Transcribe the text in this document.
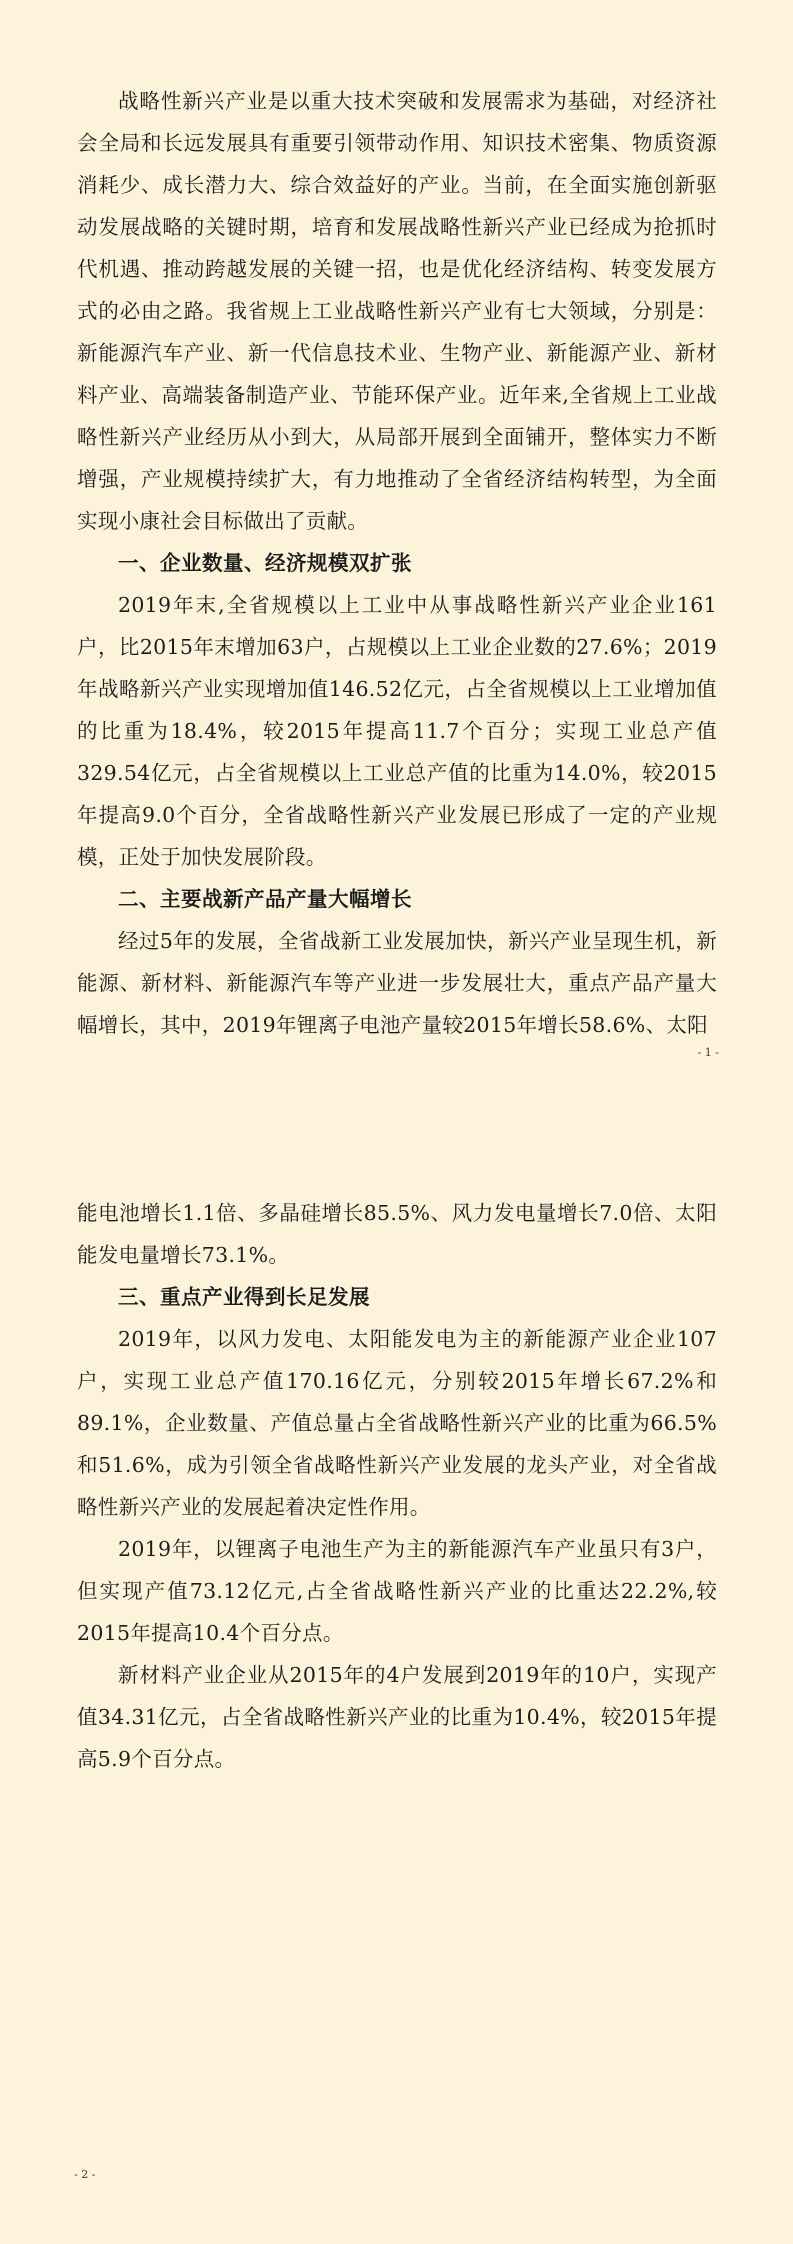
战略性新兴产业是以重大技术突破和发展需求为基础，对经济社会全局和长远发展具有重要引领带动作用、知识技术密集、物质资源消耗少、成长潜力大、综合效益好的产业。当前，在全面实施创新驱动发展战略的关键时期，培育和发展战略性新兴产业已经成为抢抓时代机遇、推动跨越发展的关键一招，也是优化经济结构、转变发展方式的必由之路。我省规上工业战略性新兴产业有七大领域，分别是：新能源汽车产业、新一代信息技术业、生物产业、新能源产业、新材料产业、高端装备制造产业、节能环保产业。近年来,全省规上工业战略性新兴产业经历从小到大，从局部开展到全面铺开，整体实力不断增强，产业规模持续扩大，有力地推动了全省经济结构转型，为全面实现小康社会目标做出了贡献。

一、企业数量、经济规模双扩张

2019年末,全省规模以上工业中从事战略性新兴产业企业161户，比2015年末增加63户，占规模以上工业企业数的27.6%；2019年战略新兴产业实现增加值146.52亿元，占全省规模以上工业增加值的比重为18.4%，较2015年提高11.7个百分；实现工业总产值329.54亿元，占全省规模以上工业总产值的比重为14.0%，较2015年提高9.0个百分，全省战略性新兴产业发展已形成了一定的产业规模，正处于加快发展阶段。

二、主要战新产品产量大幅增长

经过5年的发展，全省战新工业发展加快，新兴产业呈现生机，新能源、新材料、新能源汽车等产业进一步发展壮大，重点产品产量大幅增长，其中，2019年锂离子电池产量较2015年增长58.6%、太阳

- 1 -

能电池增长1.1倍、多晶硅增长85.5%、风力发电量增长7.0倍、太阳能发电量增长73.1%。

三、重点产业得到长足发展

2019年，以风力发电、太阳能发电为主的新能源产业企业107户，实现工业总产值170.16亿元，分别较2015年增长67.2%和89.1%，企业数量、产值总量占全省战略性新兴产业的比重为66.5%和51.6%，成为引领全省战略性新兴产业发展的龙头产业，对全省战略性新兴产业的发展起着决定性作用。

2019年，以锂离子电池生产为主的新能源汽车产业虽只有3户，但实现产值73.12亿元,占全省战略性新兴产业的比重达22.2%,较2015年提高10.4个百分点。

新材料产业企业从2015年的4户发展到2019年的10户，实现产值34.31亿元，占全省战略性新兴产业的比重为10.4%，较2015年提高5.9个百分点。

- 2 -
